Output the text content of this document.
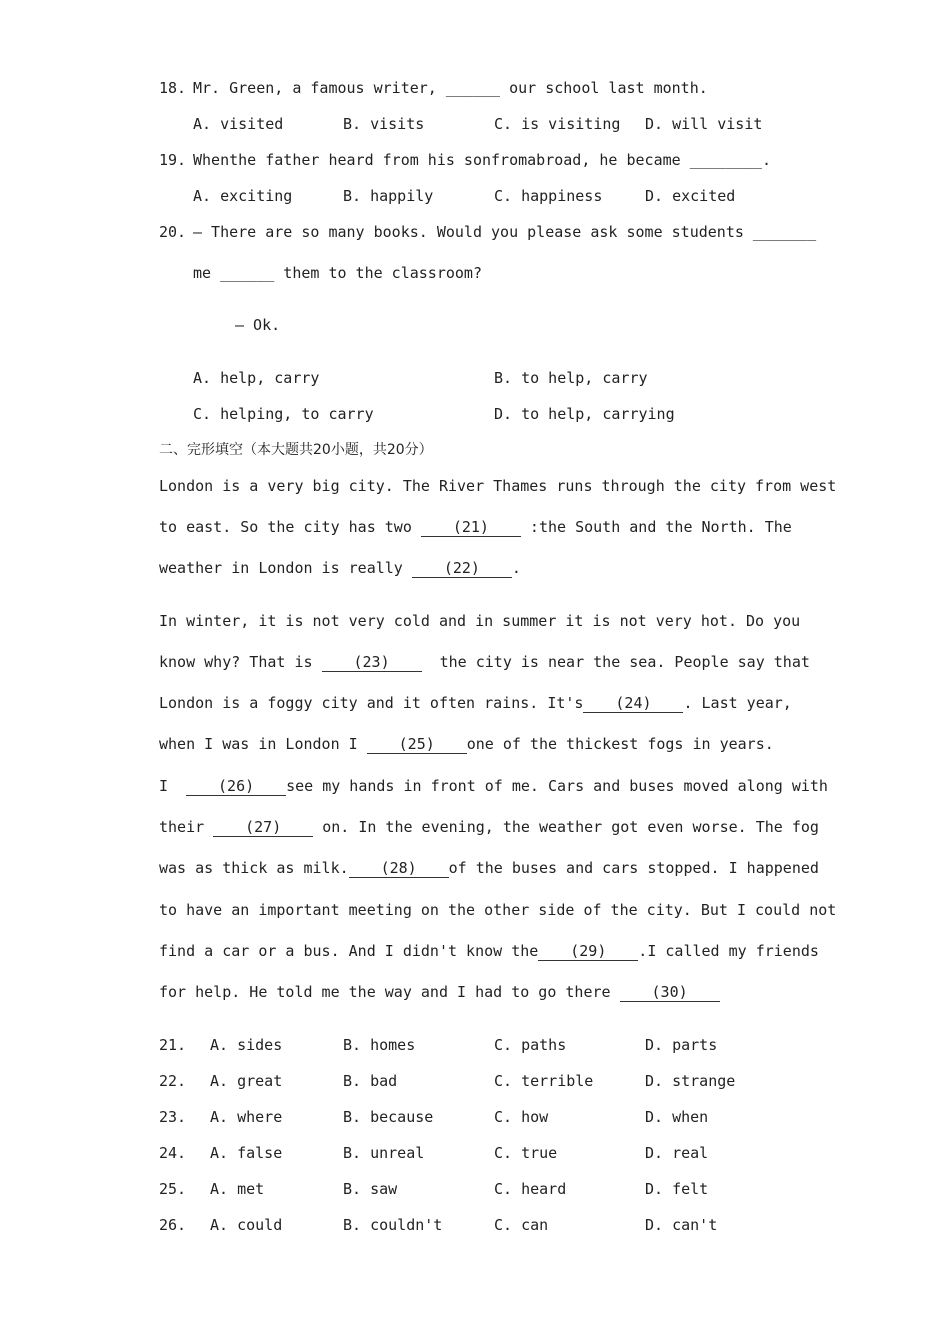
18. Mr. Green, a famous writer, ______ our school last month.
A. visited	B. visits	C. is visiting D. will visit
19. Whenthe father heard from his sonfromabroad, he became ________.
A. exciting	B. happily	C. happiness	D. excited
20. — There are so many books. Would you please ask some students _______
me ______ them to the classroom?
— Ok.
A. help, carry	B. to help, carry
C. helping, to carry	D. to help, carrying
二、完形填空（本大题共20小题，共20分）
London is a very big city. The River Thames runs through the city from west
to east. So the city has two (21) :the South and the North. The
weather in London is really (22) .
In winter, it is not very cold and in summer it is not very hot. Do you
know why? That is (23)  the city is near the sea. People say that
London is a foggy city and it often rains. It's (24) . Last year,
when I was in London I (25) one of the thickest fogs in years.
I  (26) see my hands in front of me. Cars and buses moved along with
their (27) on. In the evening, the weather got even worse. The fog
was as thick as milk. (28) of the buses and cars stopped. I happened
to have an important meeting on the other side of the city. But I could not
find a car or a bus. And I didn't know the (29) .I called my friends
for help. He told me the way and I had to go there (30)
21. A. sides	B. homes	C. paths	D. parts
22. A. great	B. bad	C. terrible	D. strange
23. A. where	B. because	C. how	D. when
24. A. false	B. unreal	C. true	D. real
25. A. met	B. saw	C. heard	D. felt
26. A. could	B. couldn't	C. can	D. can't
